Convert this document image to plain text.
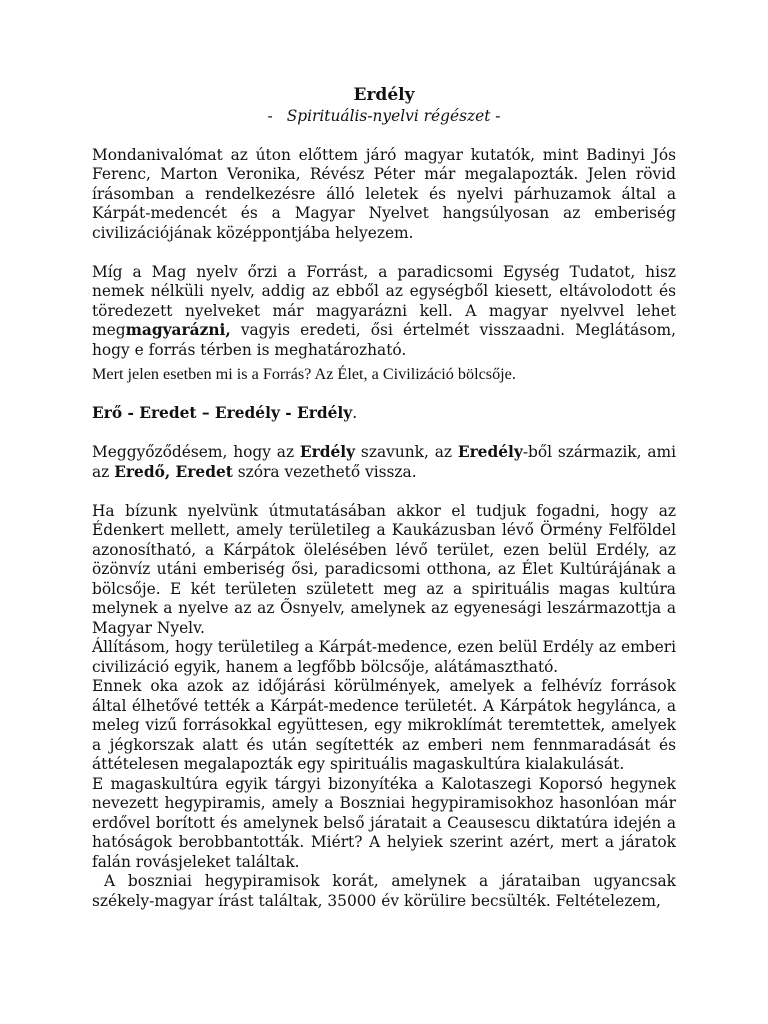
Erdély
- Spirituális-nyelvi régészet -

Mondanivalómat az úton előttem járó magyar kutatók, mint Badinyi Jós Ferenc, Marton Veronika, Révész Péter már megalapozták. Jelen rövid írásomban a rendelkezésre álló leletek és nyelvi párhuzamok által a Kárpát-medencét és a Magyar Nyelvet hangsúlyosan az emberiség civilizációjának középpontjába helyezem.

Míg a Mag nyelv őrzi a Forrást, a paradicsomi Egység Tudatot, hisz nemek nélküli nyelv, addig az ebből az egységből kiesett, eltávolodott és töredezett nyelveket már magyarázni kell. A magyar nyelvvel lehet megmagyarázni, vagyis eredeti, ősi értelmét visszaadni. Meglátásom, hogy e forrás térben is meghatározható.

Mert jelen esetben mi is a Forrás? Az Élet, a Civilizáció bölcsője.

Erő - Eredet – Eredély - Erdély.

Meggyőződésem, hogy az Erdély szavunk, az Eredély-ből származik, ami az Eredő, Eredet szóra vezethető vissza.

Ha bízunk nyelvünk útmutatásában akkor el tudjuk fogadni, hogy az Édenkert mellett, amely területileg a Kaukázusban lévő Örmény Felföldel azonosítható, a Kárpátok ölelésében lévő terület, ezen belül Erdély, az özönvíz utáni emberiség ősi, paradicsomi otthona, az Élet Kultúrájának a bölcsője. E két területen született meg az a spirituális magas kultúra melynek a nyelve az az Ősnyelv, amelynek az egyenesági leszármazottja a Magyar Nyelv.

Állításom, hogy területileg a Kárpát-medence, ezen belül Erdély az emberi civilizáció egyik, hanem a legfőbb bölcsője, alátámasztható.

Ennek oka azok az időjárási körülmények, amelyek a felhévíz források által élhetővé tették a Kárpát-medence területét. A Kárpátok hegylánca, a meleg vizű forrásokkal együttesen, egy mikroklímát teremtettek, amelyek a jégkorszak alatt és után segítették az emberi nem fennmaradását és áttételesen megalapozták egy spirituális magaskultúra kialakulását.

E magaskultúra egyik tárgyi bizonyítéka a Kalotaszegi Koporsó hegynek nevezett hegypiramis, amely a Boszniai hegypiramisokhoz hasonlóan már erdővel borított és amelynek belső járatait a Ceausescu diktatúra idején a hatóságok berobbantották. Miért? A helyiek szerint azért, mert a járatok falán rovásjeleket találtak.

A boszniai hegypiramisok korát, amelynek a járataiban ugyancsak székely-magyar írást találtak, 35000 év körülire becsülték. Feltételezem,
